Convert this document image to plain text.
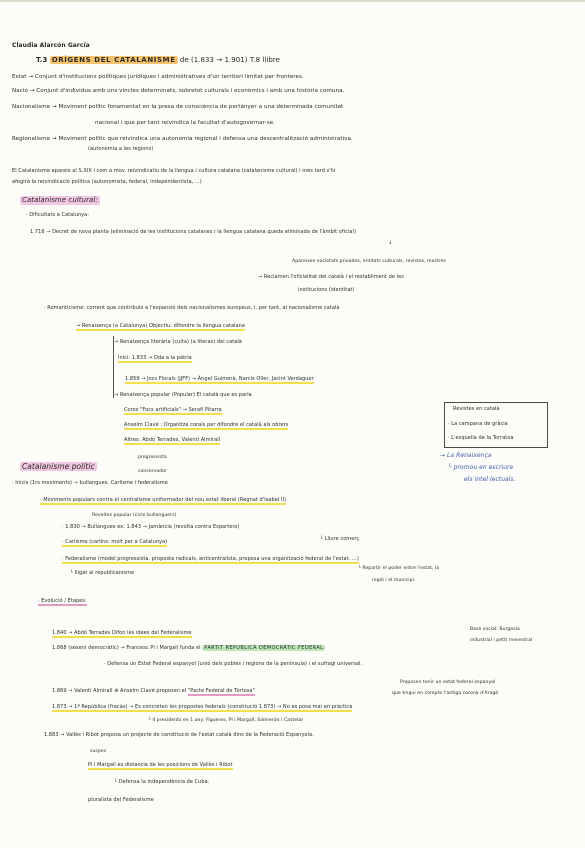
Claudia Alarcón García
T.3 ORÍGENS DEL CATALANISME de (1.833 → 1.901) T.8 llibre
Estat → Conjunt d'institucions polítiques jurídiques i administratives d'un territori limitat per fronteres.
Nació → Conjunt d'individus amb uns vincles determinats, sobretot culturals i econòmics i amb una història comuna.
Nacionalisme → Moviment polític fonamentat en la presa de consciència de pertànyer a una determinada comunitat
nacional i que per tant reivindica la facultat d'autogovernar-se.
Regionalisme → Moviment polític que reivindica una autonomia regional i defensa una descentralització administrativa.
(autonomia a les regions)
El Catalanisme apareix al S.XIX i com a mov. reivindicatiu de la llengua i cultura catalana (catalanisme cultural) i més tard s'hi
afegirà la reivindicació política (autonomista, federal, independentista, ...)
Catalanisme cultural:
· Dificultats a Catalunya:
1.716 → Decret de nova planta (eliminació de les institucions catalanes i la llengua catalana queda eliminada de l'àmbit oficial)
↓
Apareixen societats privades, entitats culturals, revistes, mostres
→ Reclamen l'oficialitat del català i el restabliment de les
institucions (identitat)
· Romanticisme: corrent que contribuïx a l'expansió dels nacionalismes europeus, i, per tant, al nacionalisme català
→ Renaixença (a Catalunya) Objectiu: difondre la llengua catalana
→ Renaixença literària (culta) (a literas) del català
Inici: 1.833 → Oda a la pàtria
1.859 → Jocs Florals (JJFF) → Àngel Guimerà, Narcís Oller, Jacint Verdaguer
→ Renaixença popular (Popular) El català que es parla
Coros "Focs artificials" → Serafí Pitarra
Anselm Clavé : Organitza corals per difondre el català als obrers
Altres: Abdó Terrades, Valentí Almirall
Revistes en català
· La campana de gràcia
· L'esquella de la Torratxa
→ La Renaixença
└ promou en escriure
els intel·lectuals.
Catalanisme polític
progressista
conservador
· Inicis (1rs moviments) → bullangues, Carlisme i federalisme
· Moviments populars contra el centralisme uniformador del nou estat liberal (Regnat d'Isabel II)
Revoltes popular (cicle bullanguers)
· 1.830 → Bullangues ex: 1.843 → Jamància (revolta contra Espartero)
└ Lliure comerç
· Carlisme (carlins: molt per a Catalunya)
· Federalisme (model progressista, proposta radicals, anticentralista, proposa una organització federal de l'estat, ...)
└ lligat al republicanisme
└ Repartir el poder entre l'estat, la
regió i el municipi.
· Evolució / Etapes:
1.840 → Abdó Terrades Difon les idees del Federalisme
1.868 (sexeni democràtic) → Francesc Pi i Margall funda el PARTIT REPUBLICÀ DEMOCRÀTIC FEDERAL
Base social: Burgesia
industrial i petit menestral
· Defensa un Estat Federal espanyol (unió dels pobles i regions de la península) i el sufragi universal.
1.869 → Valentí Almirall ⊕ Anselm Clavé proposen el "Pacte Federal de Tortosa"
Proposen tenir un estat federal espanyol
que tingui en compte l'antiga corona d'Aragó
1.873 → 1ª República (fracàs) → Es concreten les propostes federals (constitució 1.873) → No es posa mai en pràctica
└ 4 presidents en 1 any: Figueres, Pi i Margall, Salmerón i Castelar
1.883 → Vallès i Ribot proposa un projecte de constitució de l'estat català dins de la Federació Espanyola.
suspes
Pi i Margall es distancia de les posicions de Vallès i Ribot
└ Defensa la independència de Cuba.
pluralista del Federalisme
